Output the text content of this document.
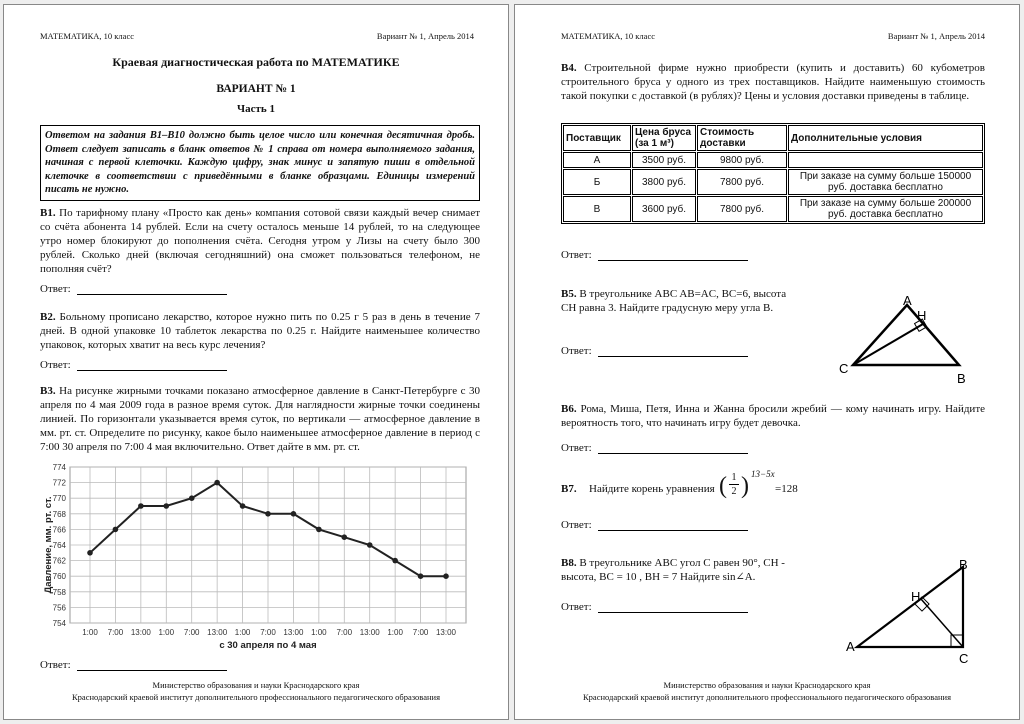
МАТЕМАТИКА, 10 класс	Вариант № 1, Апрель 2014
Краевая диагностическая работа по МАТЕМАТИКЕ
ВАРИАНТ № 1
Часть 1
Ответом на задания В1–В10 должно быть целое число или конечная десятичная дробь. Ответ следует записать в бланк ответов № 1 справа от номера выполняемого задания, начиная с первой клеточки. Каждую цифру, знак минус и запятую пиши в отдельной клеточке в соответствии с приведёнными в бланке образцами. Единицы измерений писать не нужно.
В1. По тарифному плану «Просто как день» компания сотовой связи каждый вечер снимает со счёта абонента 14 рублей. Если на счету осталось меньше 14 рублей, то на следующее утро номер блокируют до пополнения счёта. Сегодня утром у Лизы на счету было 300 рублей. Сколько дней (включая сегодняшний) она сможет пользоваться телефоном, не пополняя счёт?
Ответ:
В2. Больному прописано лекарство, которое нужно пить по 0.25 г 5 раз в день в течение 7 дней. В одной упаковке 10 таблеток лекарства по 0.25 г. Найдите наименьшее количество упаковок, которых хватит на весь курс лечения?
Ответ:
В3. На рисунке жирными точками показано атмосферное давление в Санкт-Петербурге с 30 апреля по 4 мая 2009 года в разное время суток. Для наглядности жирные точки соединены линией. По горизонтали указывается время суток, по вертикали — атмосферное давление в мм. рт. ст. Определите по рисунку, какое было наименьшее атмосферное давление в период с 7:00 30 апреля по 7:00 4 мая включительно. Ответ дайте в мм. рт. ст.
754
756
758
760
762
764
766
768
770
772
774
1:00 7:00 13:00 1:00 7:00 13:00 1:00 7:00 13:00 1:00 7:00 13:00 1:00 7:00 13:00
с 30 апреля по 4 мая
Давление, мм. рт. ст.
Ответ:
Министерство образования и науки Краснодарского края
Краснодарский краевой институт дополнительного профессионального педагогического образования
МАТЕМАТИКА, 10 класс	Вариант № 1, Апрель 2014
В4. Строительной фирме нужно приобрести (купить и доставить) 60 кубометров строительного бруса у одного из трех поставщиков. Найдите наименьшую стоимость такой покупки с доставкой (в рублях)? Цены и условия доставки приведены в таблице.
Поставщик	Цена бруса (за 1 м³)	Стоимость доставки	Дополнительные условия
А	3500 руб.	9800 руб.	
Б	3800 руб.	7800 руб.	При заказе на сумму больше 150000 руб. доставка бесплатно
В	3600 руб.	7800 руб.	При заказе на сумму больше 200000 руб. доставка бесплатно
Ответ:
В5. В треугольнике ABC AB=AC, BC=6, высота CH равна 3. Найдите градусную меру угла B.	A
H
C
B
Ответ:
В6. Рома, Миша, Петя, Инна и Жанна бросили жребий — кому начинать игру. Найдите вероятность того, что начинать игру будет девочка.
Ответ:
В7. Найдите корень уравнения ( 1
2 ) 13−5x
=128
Ответ:
В8. В треугольнике ABC угол C равен 90°, CH -
высота, BC = 10 , BH = 7 Найдите sin∠A.
B
H
A
C
Ответ:
Министерство образования и науки Краснодарского края
Краснодарский краевой институт дополнительного профессионального педагогического образования
